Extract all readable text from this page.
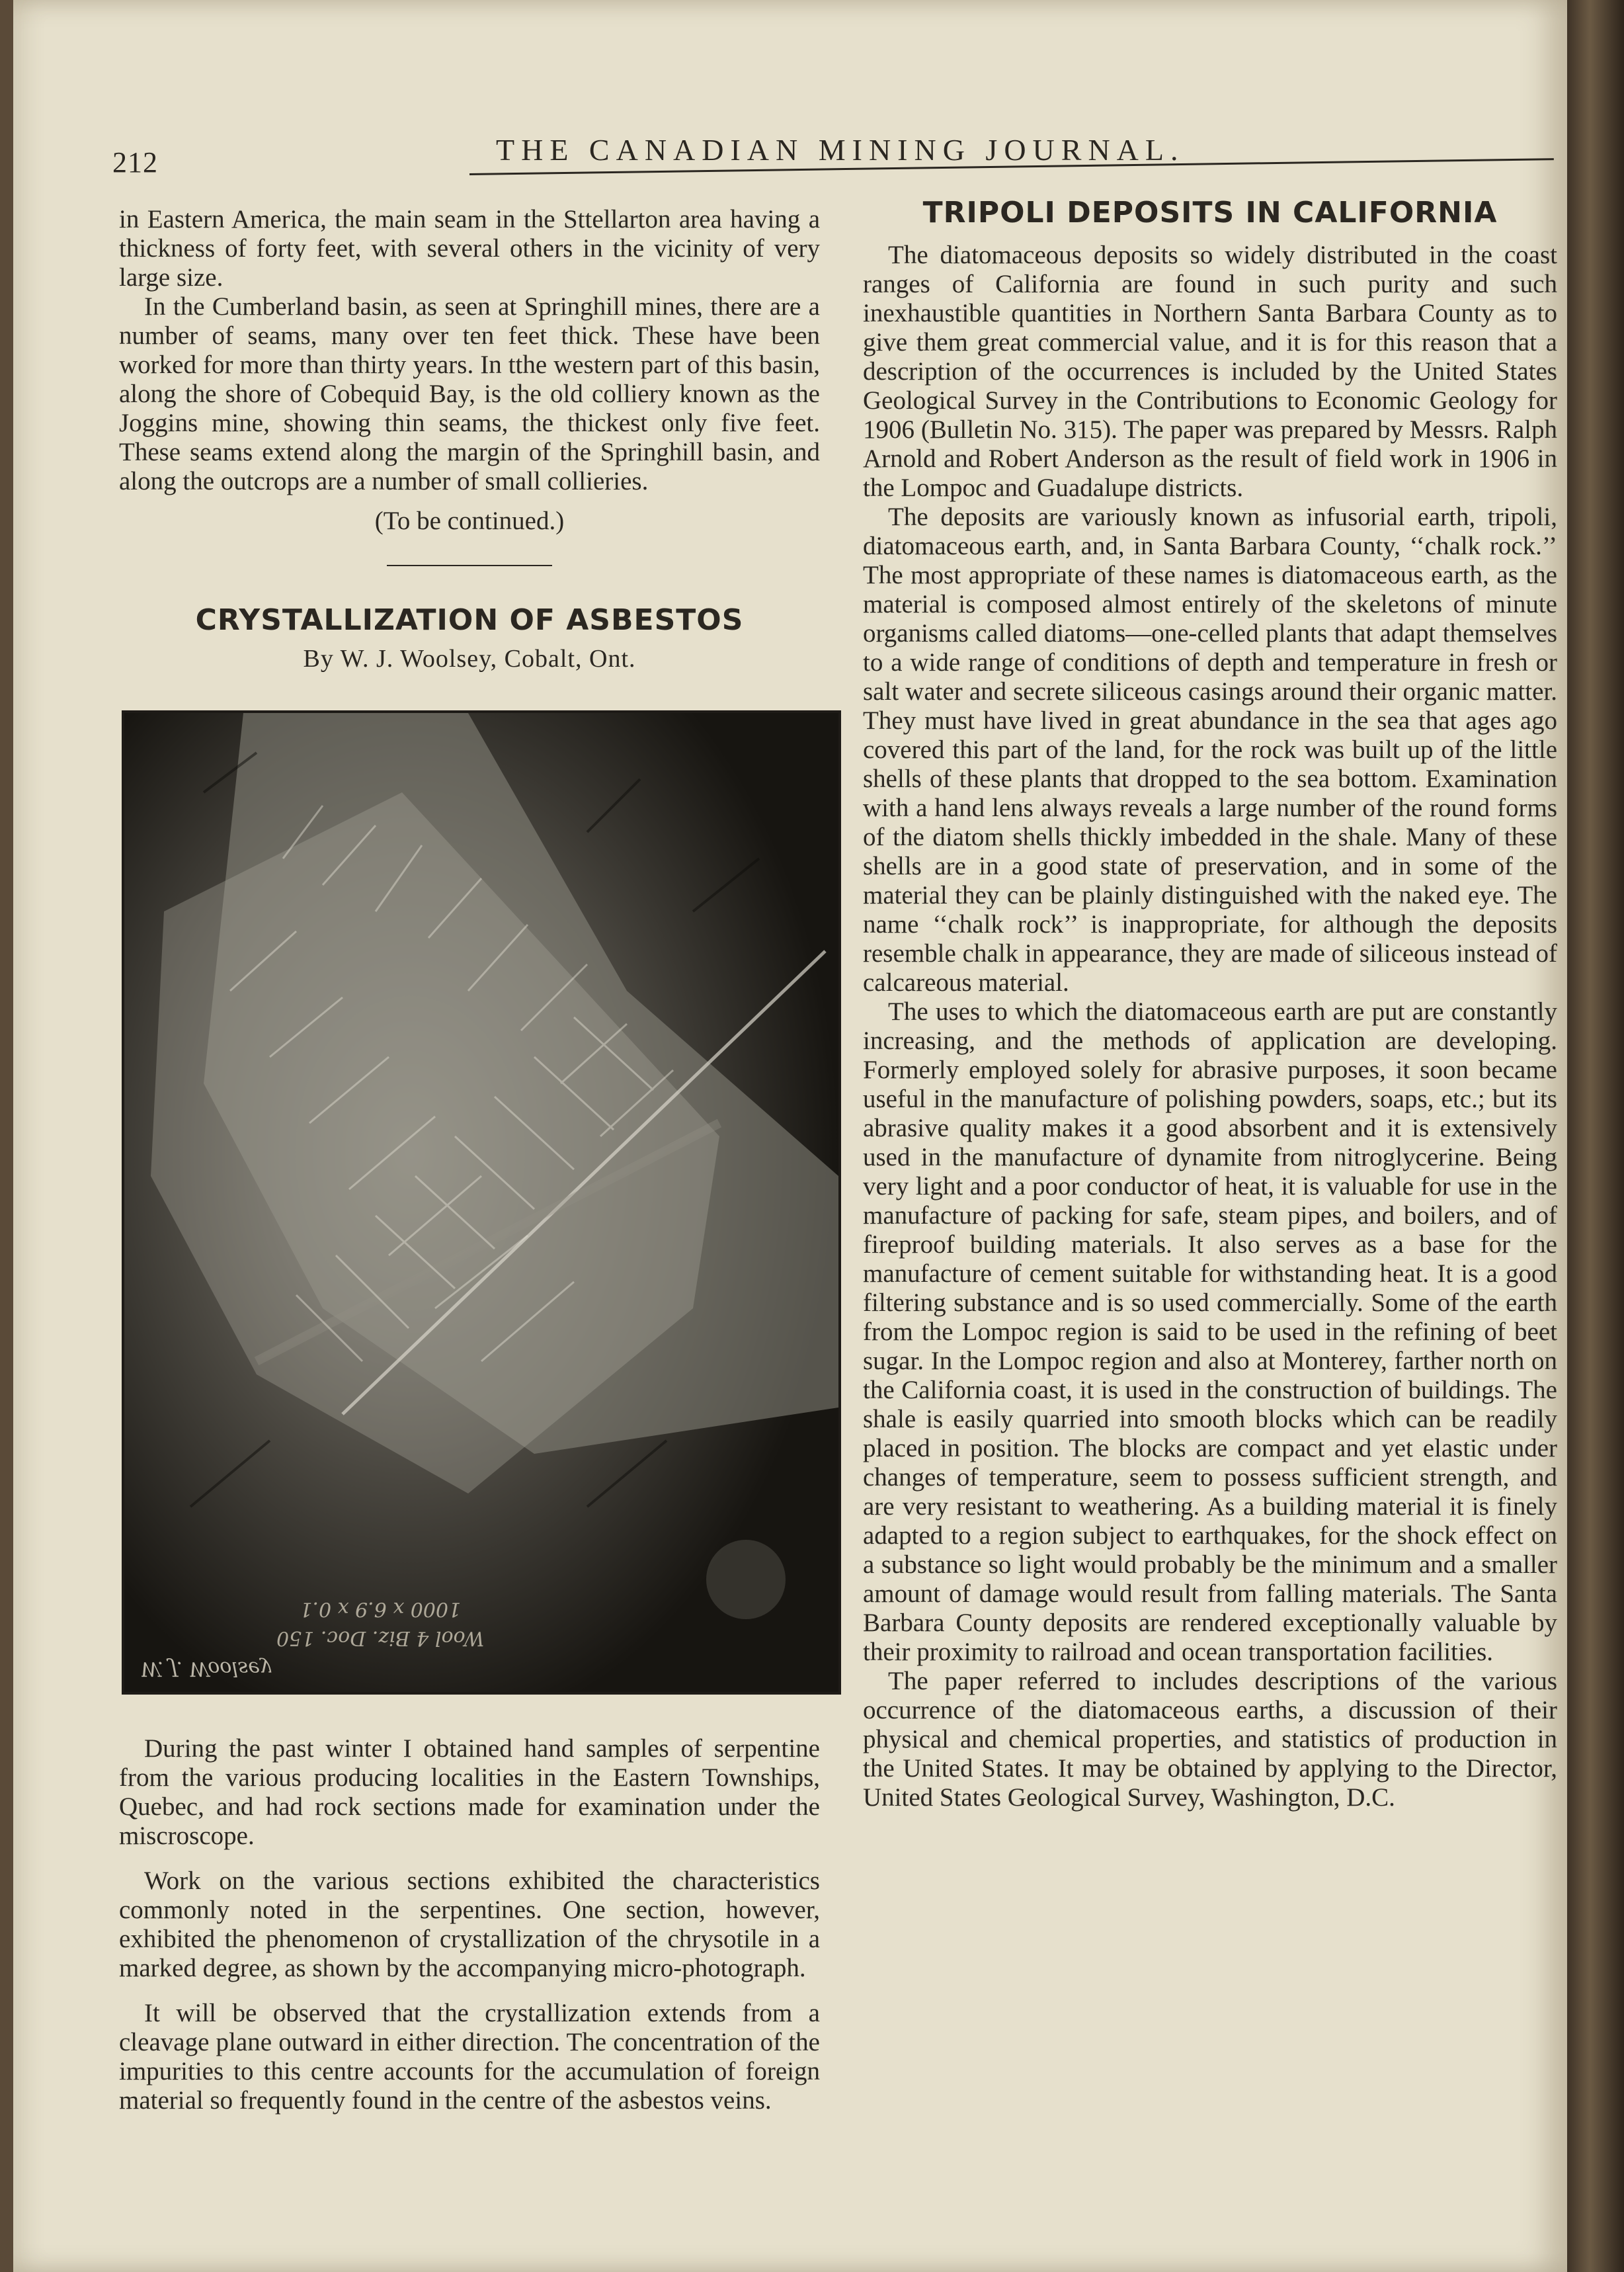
212	THE CANADIAN MINING JOURNAL.

in Eastern America, the main seam in the Sttellarton area having a thickness of forty feet, with several others in the vicinity of very large size.

In the Cumberland basin, as seen at Springhill mines, there are a number of seams, many over ten feet thick. These have been worked for more than thirty years. In tthe western part of this basin, along the shore of Cobequid Bay, is the old colliery known as the Joggins mine, showing thin seams, the thickest only five feet. These seams extend along the margin of the Springhill basin, and along the outcrops are a number of small collieries.

(To be continued.)

CRYSTALLIZATION OF ASBESTOS

By W. J. Woolsey, Cobalt, Ont.

Wool 4 Biz. Doc. 150
1000 x 6.9 x 0.1
W. J. Woolsey

During the past winter I obtained hand samples of serpentine from the various producing localities in the Eastern Townships, Quebec, and had rock sections made for examination under the miscroscope.

Work on the various sections exhibited the characteristics commonly noted in the serpentines. One section, however, exhibited the phenomenon of crystallization of the chrysotile in a marked degree, as shown by the accompanying micro-photograph.

It will be observed that the crystallization extends from a cleavage plane outward in either direction. The concentration of the impurities to this centre accounts for the accumulation of foreign material so frequently found in the centre of the asbestos veins.

TRIPOLI DEPOSITS IN CALIFORNIA

The diatomaceous deposits so widely distributed in the coast ranges of California are found in such purity and such inexhaustible quantities in Northern Santa Barbara County as to give them great commercial value, and it is for this reason that a description of the occurrences is included by the United States Geological Survey in the Contributions to Economic Geology for 1906 (Bulletin No. 315). The paper was prepared by Messrs. Ralph Arnold and Robert Anderson as the result of field work in 1906 in the Lompoc and Guadalupe districts.

The deposits are variously known as infusorial earth, tripoli, diatomaceous earth, and, in Santa Barbara County, ‘‘chalk rock.’’ The most appropriate of these names is diatomaceous earth, as the material is composed almost entirely of the skeletons of minute organisms called diatoms—one-celled plants that adapt themselves to a wide range of conditions of depth and temperature in fresh or salt water and secrete siliceous casings around their organic matter. They must have lived in great abundance in the sea that ages ago covered this part of the land, for the rock was built up of the little shells of these plants that dropped to the sea bottom. Examination with a hand lens always reveals a large number of the round forms of the diatom shells thickly imbedded in the shale. Many of these shells are in a good state of preservation, and in some of the material they can be plainly distinguished with the naked eye. The name ‘‘chalk rock’’ is inappropriate, for although the deposits resemble chalk in appearance, they are made of siliceous instead of calcareous material.

The uses to which the diatomaceous earth are put are constantly increasing, and the methods of application are developing. Formerly employed solely for abrasive purposes, it soon became useful in the manufacture of polishing powders, soaps, etc.; but its abrasive quality makes it a good absorbent and it is extensively used in the manufacture of dynamite from nitroglycerine. Being very light and a poor conductor of heat, it is valuable for use in the manufacture of packing for safe, steam pipes, and boilers, and of fireproof building materials. It also serves as a base for the manufacture of cement suitable for withstanding heat. It is a good filtering substance and is so used commercially. Some of the earth from the Lompoc region is said to be used in the refining of beet sugar. In the Lompoc region and also at Monterey, farther north on the California coast, it is used in the construction of buildings. The shale is easily quarried into smooth blocks which can be readily placed in position. The blocks are compact and yet elastic under changes of temperature, seem to possess sufficient strength, and are very resistant to weathering. As a building material it is finely adapted to a region subject to earthquakes, for the shock effect on a substance so light would probably be the minimum and a smaller amount of damage would result from falling materials. The Santa Barbara County deposits are rendered exceptionally valuable by their proximity to railroad and ocean transportation facilities.

The paper referred to includes descriptions of the various occurrence of the diatomaceous earths, a discussion of their physical and chemical properties, and statistics of production in the United States. It may be obtained by applying to the Director, United States Geological Survey, Washington, D.C.
